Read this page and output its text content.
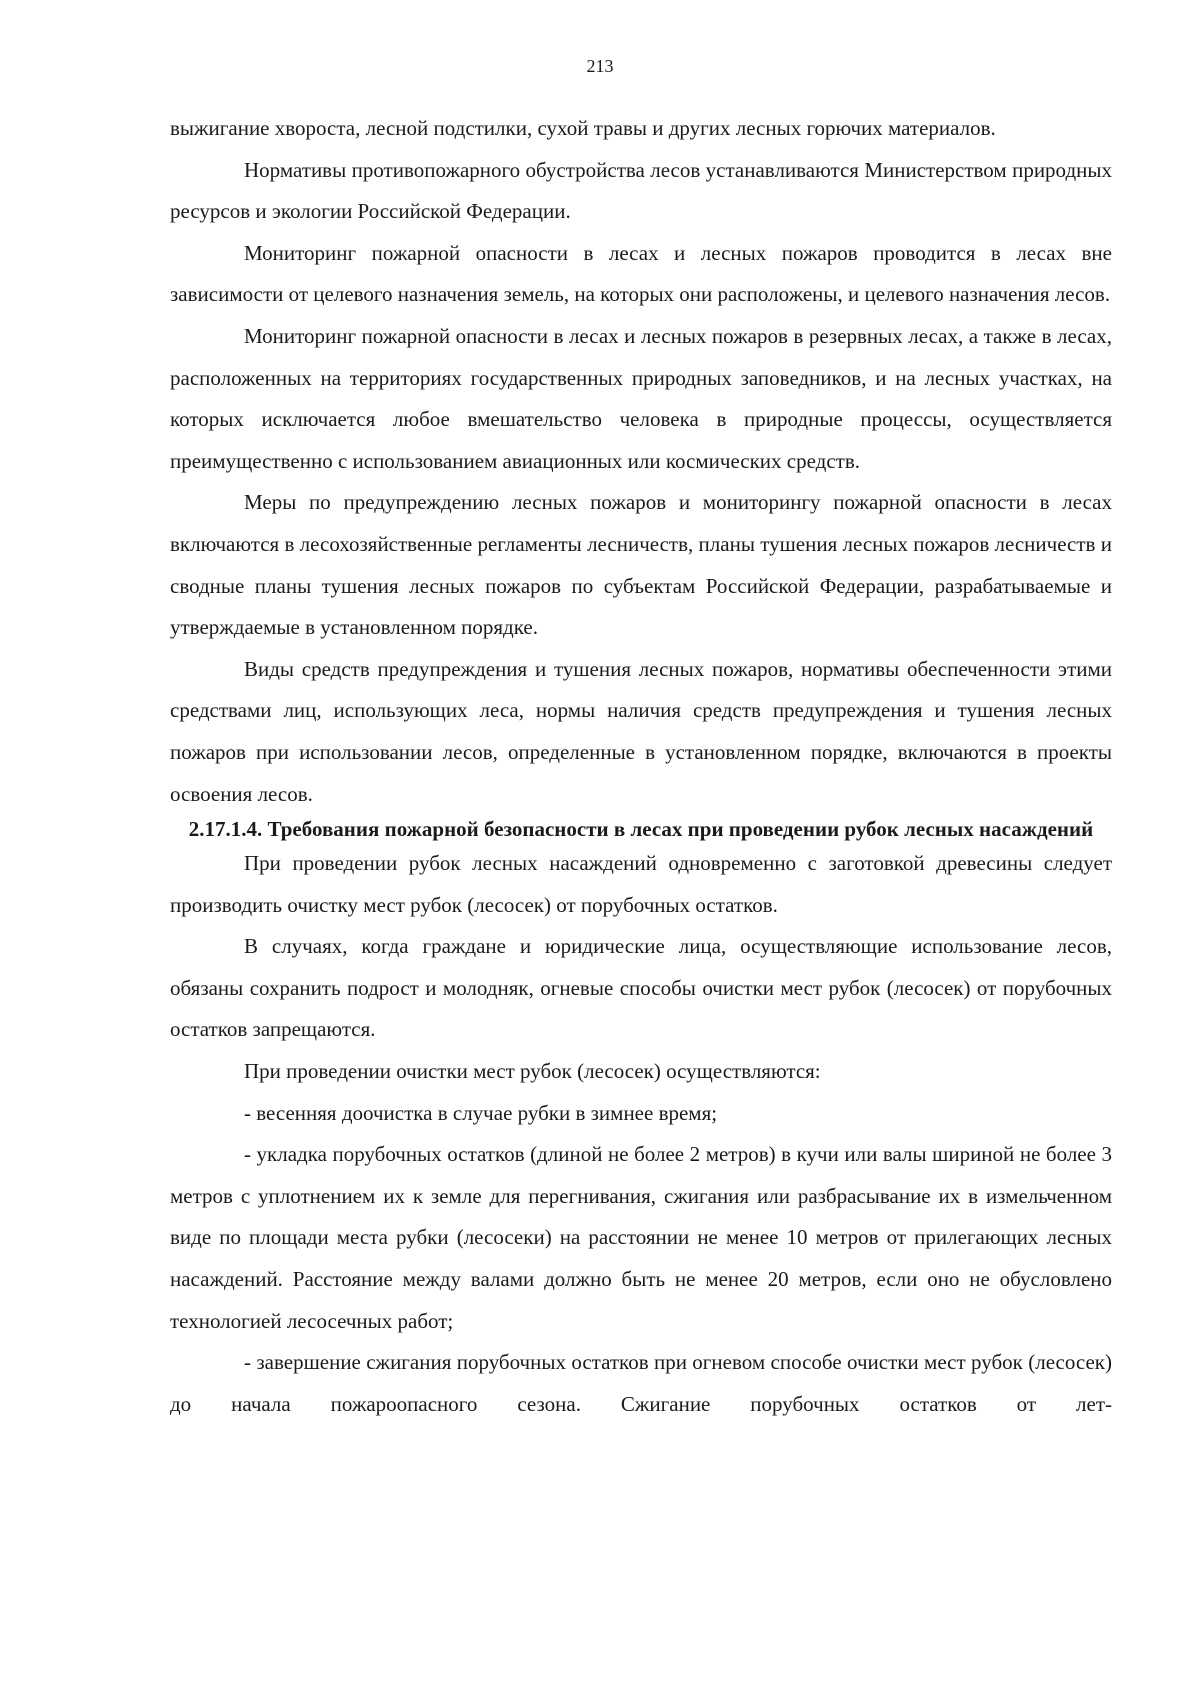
213

выжигание хвороста, лесной подстилки, сухой травы и других лесных горючих материалов.

Нормативы противопожарного обустройства лесов устанавливаются Министерством природных ресурсов и экологии Российской Федерации.

Мониторинг пожарной опасности в лесах и лесных пожаров проводится в лесах вне зависимости от целевого назначения земель, на которых они расположены, и целевого назначения лесов.

Мониторинг пожарной опасности в лесах и лесных пожаров в резервных лесах, а также в лесах, расположенных на территориях государственных природных заповедников, и на лесных участках, на которых исключается любое вмешательство человека в природные процессы, осуществляется преимущественно с использованием авиационных или космических средств.

Меры по предупреждению лесных пожаров и мониторингу пожарной опасности в лесах включаются в лесохозяйственные регламенты лесничеств, планы тушения лесных пожаров лесничеств и сводные планы тушения лесных пожаров по субъектам Российской Федерации, разрабатываемые и утверждаемые в установленном порядке.

Виды средств предупреждения и тушения лесных пожаров, нормативы обеспеченности этими средствами лиц, использующих леса, нормы наличия средств предупреждения и тушения лесных пожаров при использовании лесов, определенные в установленном порядке, включаются в проекты освоения лесов.

2.17.1.4. Требования пожарной безопасности в лесах при проведении рубок лесных насаждений

При проведении рубок лесных насаждений одновременно с заготовкой древесины следует производить очистку мест рубок (лесосек) от порубочных остатков.

В случаях, когда граждане и юридические лица, осуществляющие использование лесов, обязаны сохранить подрост и молодняк, огневые способы очистки мест рубок (лесосек) от порубочных остатков запрещаются.

При проведении очистки мест рубок (лесосек) осуществляются:

- весенняя доочистка в случае рубки в зимнее время;

- укладка порубочных остатков (длиной не более 2 метров) в кучи или валы шириной не более 3 метров с уплотнением их к земле для перегнивания, сжигания или разбрасывание их в измельченном виде по площади места рубки (лесосеки) на расстоянии не менее 10 метров от прилегающих лесных насаждений. Расстояние между валами должно быть не менее 20 метров, если оно не обусловлено технологией лесосечных работ;

- завершение сжигания порубочных остатков при огневом способе очистки мест рубок (лесосек) до начала пожароопасного сезона. Сжигание порубочных остатков от лет-
